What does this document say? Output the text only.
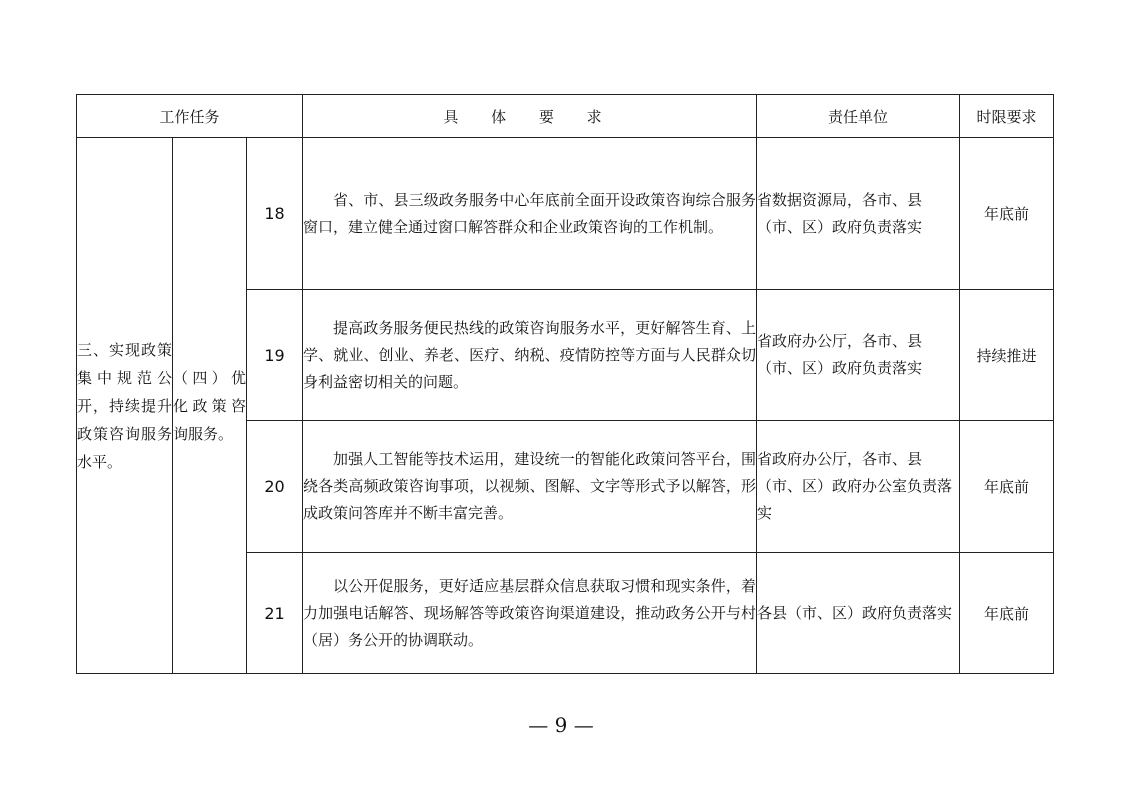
工作任务			具 体 要 求	责任单位	时限要求
三、实现政策集中规范公开，持续提升政策咨询服务水平。	（四）优化政策咨询服务。	18	省、市、县三级政务服务中心年底前全面开设政策咨询综合服务窗口，建立健全通过窗口解答群众和企业政策咨询的工作机制。	省数据资源局，各市、县（市、区）政府负责落实	年底前
		19	提高政务服务便民热线的政策咨询服务水平，更好解答生育、上学、就业、创业、养老、医疗、纳税、疫情防控等方面与人民群众切身利益密切相关的问题。	省政府办公厅，各市、县（市、区）政府负责落实	持续推进
		20	加强人工智能等技术运用，建设统一的智能化政策问答平台，围绕各类高频政策咨询事项，以视频、图解、文字等形式予以解答，形成政策问答库并不断丰富完善。	省政府办公厅，各市、县（市、区）政府办公室负责落实	年底前
		21	以公开促服务，更好适应基层群众信息获取习惯和现实条件，着力加强电话解答、现场解答等政策咨询渠道建设，推动政务公开与村（居）务公开的协调联动。	各县（市、区）政府负责落实	年底前
— 9 —
